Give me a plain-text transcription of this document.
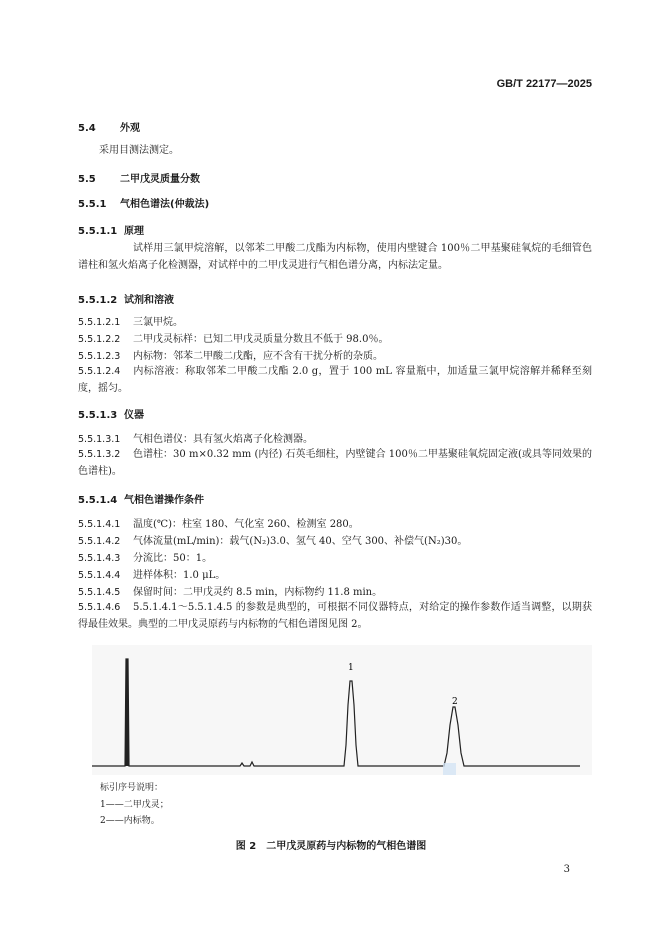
GB/T 22177—2025
5.4 外观
采用目测法测定。
5.5 二甲戊灵质量分数
5.5.1 气相色谱法(仲裁法)
5.5.1.1 原理
试样用三氯甲烷溶解，以邻苯二甲酸二戊酯为内标物，使用内壁键合 100％二甲基聚硅氧烷的毛细管色谱柱和氢火焰离子化检测器，对试样中的二甲戊灵进行气相色谱分离，内标法定量。
5.5.1.2 试剂和溶液
5.5.1.2.1 三氯甲烷。
5.5.1.2.2 二甲戊灵标样：已知二甲戊灵质量分数且不低于 98.0％。
5.5.1.2.3 内标物：邻苯二甲酸二戊酯，应不含有干扰分析的杂质。
5.5.1.2.4 内标溶液：称取邻苯二甲酸二戊酯 2.0 g，置于 100 mL 容量瓶中，加适量三氯甲烷溶解并稀释至刻度，摇匀。
5.5.1.3 仪器
5.5.1.3.1 气相色谱仪：具有氢火焰离子化检测器。
5.5.1.3.2 色谱柱：30 m×0.32 mm (内径) 石英毛细柱，内壁键合 100％二甲基聚硅氧烷固定液(或具等同效果的色谱柱)。
5.5.1.4 气相色谱操作条件
5.5.1.4.1 温度(℃)：柱室 180、气化室 260、检测室 280。
5.5.1.4.2 气体流量(mL/min)：载气(N₂)3.0、氢气 40、空气 300、补偿气(N₂)30。
5.5.1.4.3 分流比：50：1。
5.5.1.4.4 进样体积：1.0 μL。
5.5.1.4.5 保留时间：二甲戊灵约 8.5 min，内标物约 11.8 min。
5.5.1.4.6 5.5.1.4.1～5.5.1.4.5 的参数是典型的，可根据不同仪器特点，对给定的操作参数作适当调整，以期获得最佳效果。典型的二甲戊灵原药与内标物的气相色谱图见图 2。
1
2
标引序号说明：
1——二甲戊灵；
2——内标物。
图 2　二甲戊灵原药与内标物的气相色谱图
3
